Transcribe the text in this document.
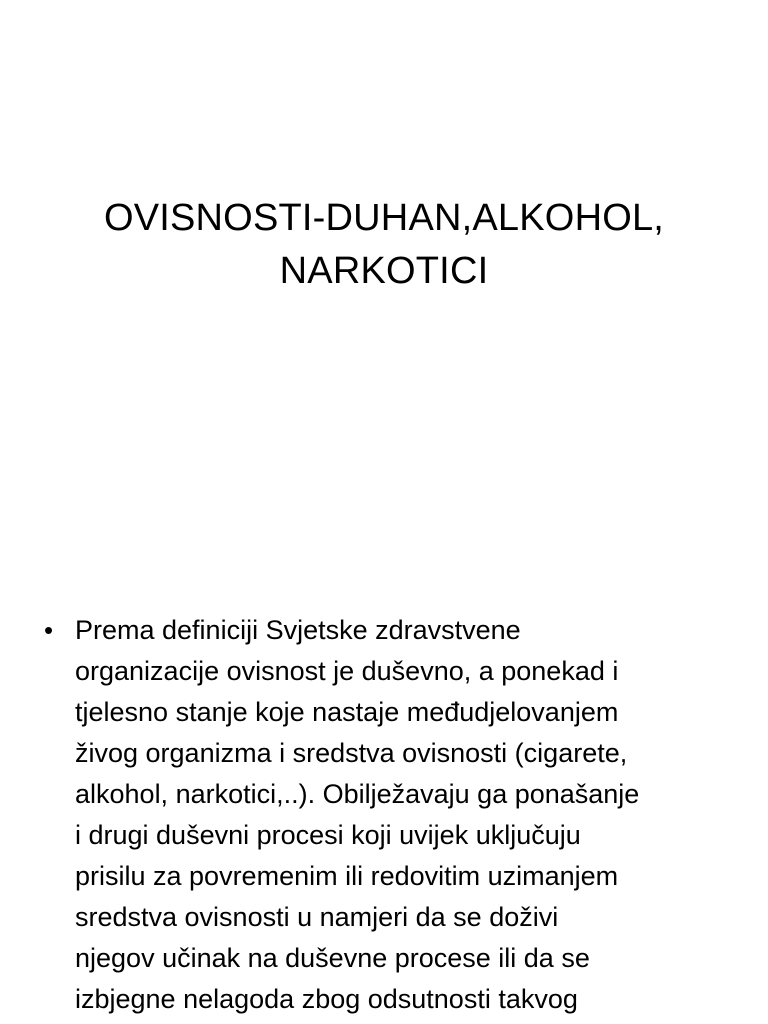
OVISNOSTI-DUHAN,ALKOHOL,
NARKOTICI
• Prema definiciji Svjetske zdravstvene
organizacije ovisnost je duševno, a ponekad i
tjelesno stanje koje nastaje međudjelovanjem
živog organizma i sredstva ovisnosti (cigarete,
alkohol, narkotici,..). Obilježavaju ga ponašanje
i drugi duševni procesi koji uvijek uključuju
prisilu za povremenim ili redovitim uzimanjem
sredstva ovisnosti u namjeri da se doživi
njegov učinak na duševne procese ili da se
izbjegne nelagoda zbog odsutnosti takvog
